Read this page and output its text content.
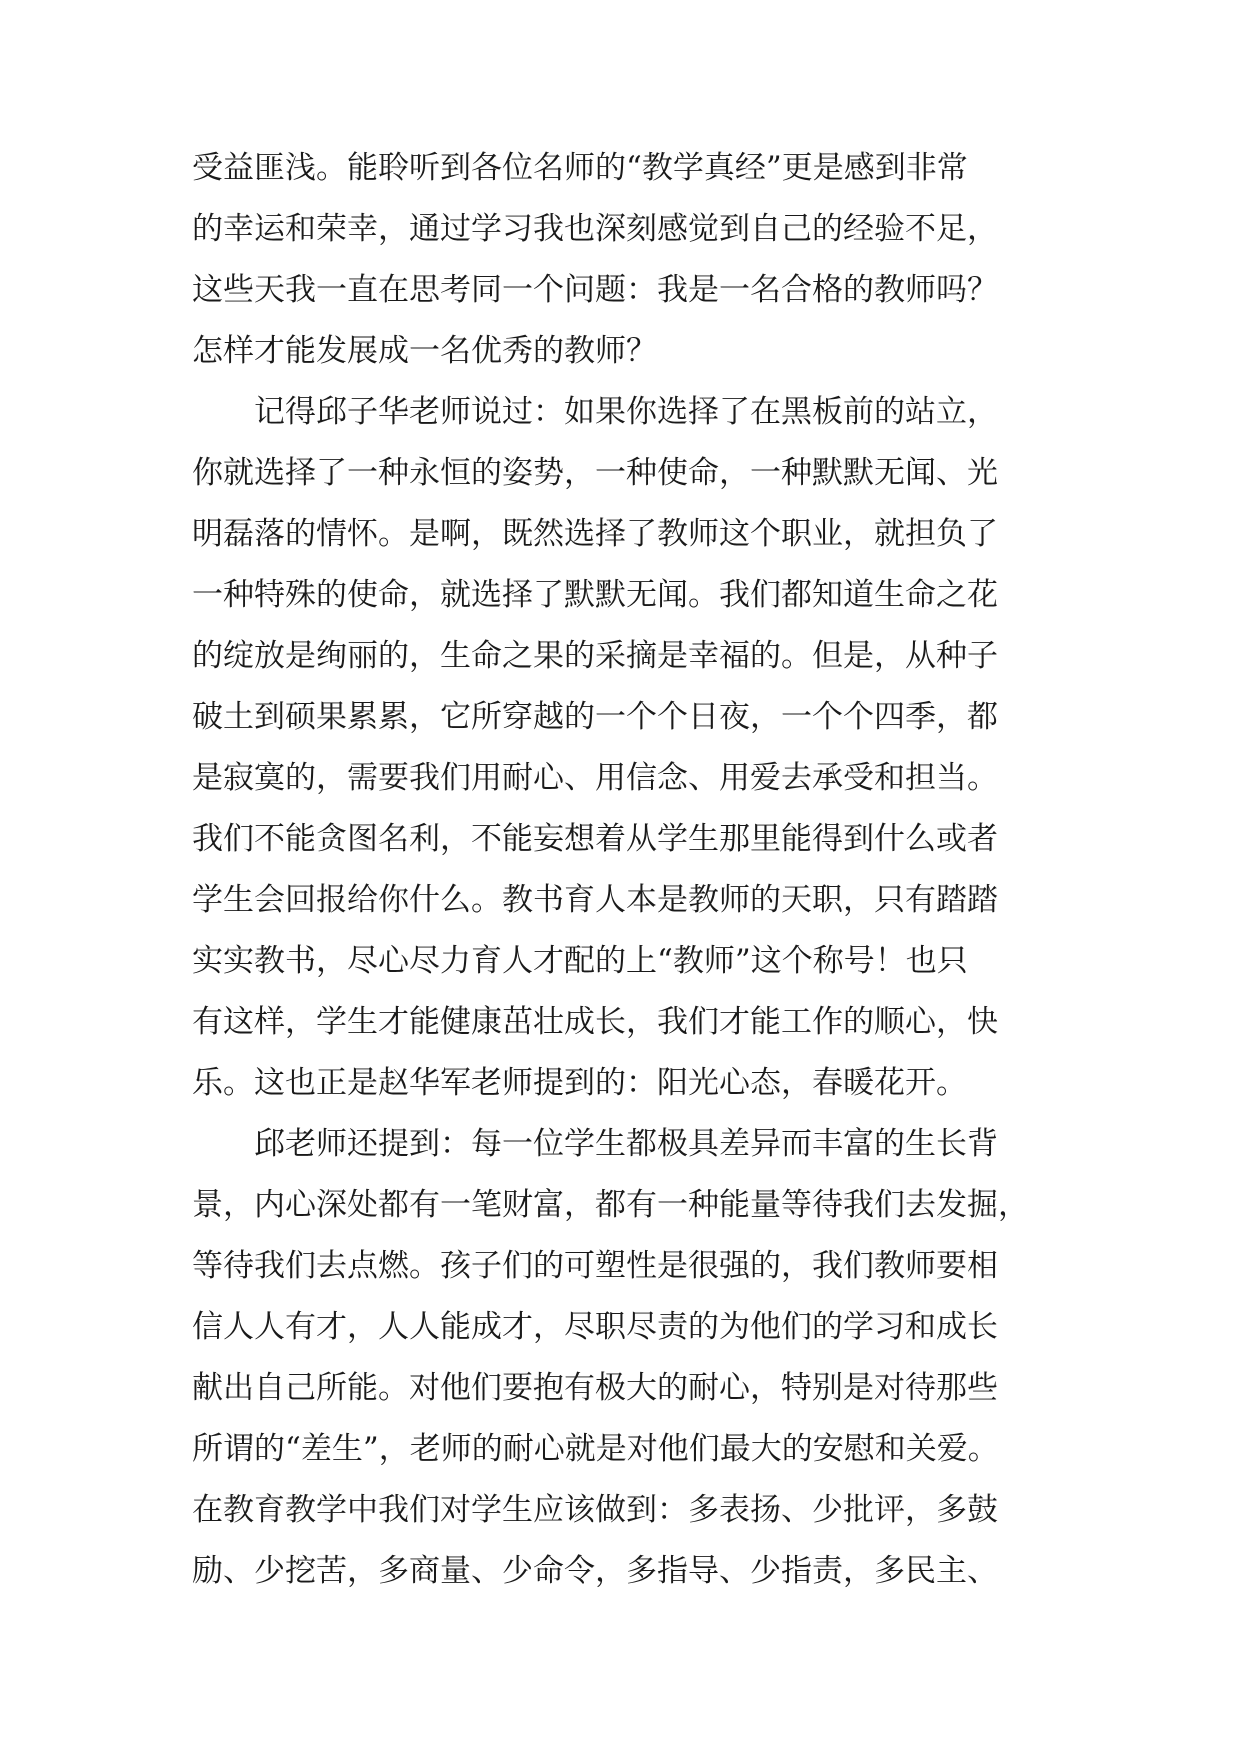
受益匪浅。能聆听到各位名师的“教学真经”更是感到非常
的幸运和荣幸，通过学习我也深刻感觉到自己的经验不足，
这些天我一直在思考同一个问题：我是一名合格的教师吗？
怎样才能发展成一名优秀的教师？
记得邱子华老师说过：如果你选择了在黑板前的站立，
你就选择了一种永恒的姿势，一种使命，一种默默无闻、光
明磊落的情怀。是啊，既然选择了教师这个职业，就担负了
一种特殊的使命，就选择了默默无闻。我们都知道生命之花
的绽放是绚丽的，生命之果的采摘是幸福的。但是，从种子
破土到硕果累累，它所穿越的一个个日夜，一个个四季，都
是寂寞的，需要我们用耐心、用信念、用爱去承受和担当。
我们不能贪图名利，不能妄想着从学生那里能得到什么或者
学生会回报给你什么。教书育人本是教师的天职，只有踏踏
实实教书，尽心尽力育人才配的上“教师”这个称号！也只
有这样，学生才能健康茁壮成长，我们才能工作的顺心，快
乐。这也正是赵华军老师提到的：阳光心态，春暖花开。
邱老师还提到：每一位学生都极具差异而丰富的生长背
景，内心深处都有一笔财富，都有一种能量等待我们去发掘，
等待我们去点燃。孩子们的可塑性是很强的，我们教师要相
信人人有才，人人能成才，尽职尽责的为他们的学习和成长
献出自己所能。对他们要抱有极大的耐心，特别是对待那些
所谓的“差生”，老师的耐心就是对他们最大的安慰和关爱。
在教育教学中我们对学生应该做到：多表扬、少批评，多鼓
励、少挖苦，多商量、少命令，多指导、少指责，多民主、
